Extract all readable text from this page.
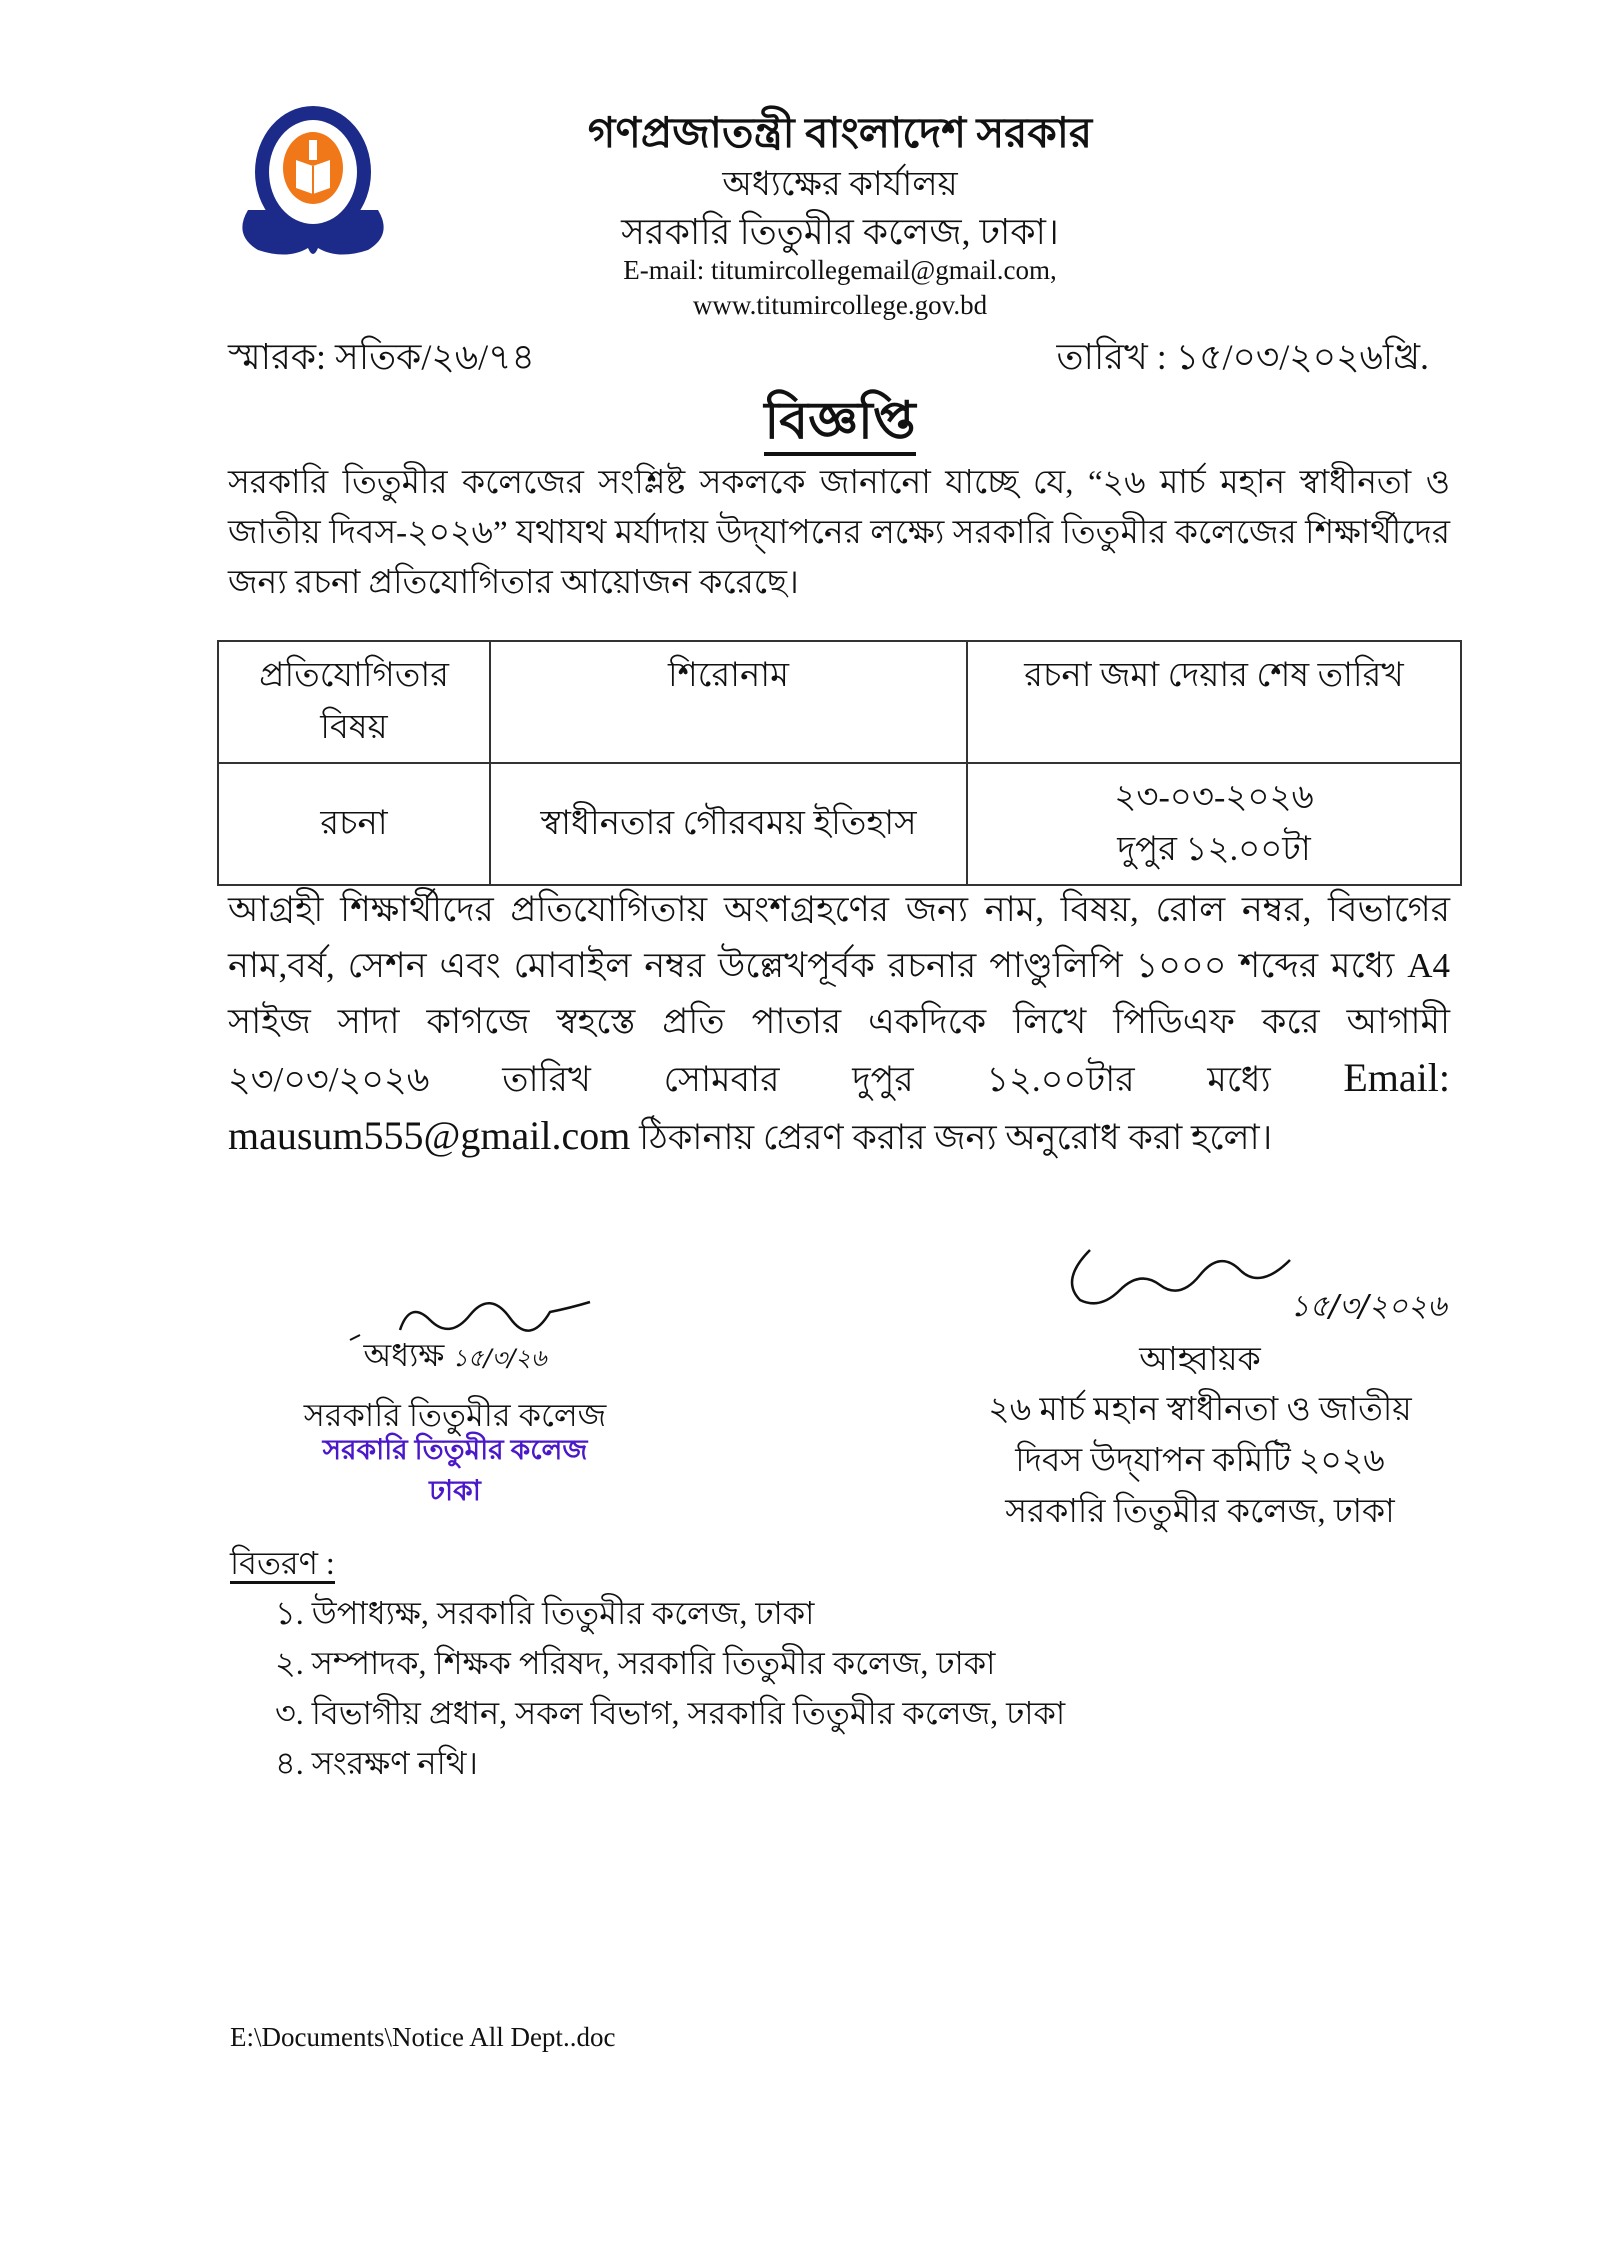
গণপ্রজাতন্ত্রী বাংলাদেশ সরকার
অধ্যক্ষের কার্যালয়
সরকারি তিতুমীর কলেজ, ঢাকা।
E-mail: titumircollegemail@gmail.com,
www.titumircollege.gov.bd
স্মারক: সতিক/২৬/৭৪	তারিখ : ১৫/০৩/২০২৬খ্রি.
বিজ্ঞপ্তি
সরকারি তিতুমীর কলেজের সংশ্লিষ্ট সকলকে জানানো যাচ্ছে যে, “২৬ মার্চ মহান স্বাধীনতা ও জাতীয় দিবস-২০২৬” যথাযথ মর্যাদায় উদ্‌যাপনের লক্ষ্যে সরকারি তিতুমীর কলেজের শিক্ষার্থীদের জন্য রচনা প্রতিযোগিতার আয়োজন করেছে।
প্রতিযোগিতার বিষয়	শিরোনাম	রচনা জমা দেয়ার শেষ তারিখ
রচনা	স্বাধীনতার গৌরবময় ইতিহাস	২৩-০৩-২০২৬
দুপুর ১২.০০টা
আগ্রহী শিক্ষার্থীদের প্রতিযোগিতায় অংশগ্রহণের জন্য নাম, বিষয়, রোল নম্বর, বিভাগের নাম,বর্ষ, সেশন এবং মোবাইল নম্বর উল্লেখপূর্বক রচনার পাণ্ডুলিপি ১০০০ শব্দের মধ্যে A4 সাইজ সাদা কাগজে স্বহস্তে প্রতি পাতার একদিকে লিখে পিডিএফ করে আগামী ২৩/০৩/২০২৬ তারিখ সোমবার দুপুর ১২.০০টার মধ্যে Email: mausum555@gmail.com ঠিকানায় প্রেরণ করার জন্য অনুরোধ করা হলো।
অধ্যক্ষ ১৫/৩/২৬
সরকারি তিতুমীর কলেজ
সরকারি তিতুমীর কলেজ
ঢাকা
১৫/৩/২০২৬
আহ্বায়ক
২৬ মার্চ মহান স্বাধীনতা ও জাতীয়
দিবস উদ্‌যাপন কমিটি ২০২৬
সরকারি তিতুমীর কলেজ, ঢাকা
বিতরণ :
১. উপাধ্যক্ষ, সরকারি তিতুমীর কলেজ, ঢাকা
২. সম্পাদক, শিক্ষক পরিষদ, সরকারি তিতুমীর কলেজ, ঢাকা
৩. বিভাগীয় প্রধান, সকল বিভাগ, সরকারি তিতুমীর কলেজ, ঢাকা
৪. সংরক্ষণ নথি।
E:\Documents\Notice All Dept..doc
